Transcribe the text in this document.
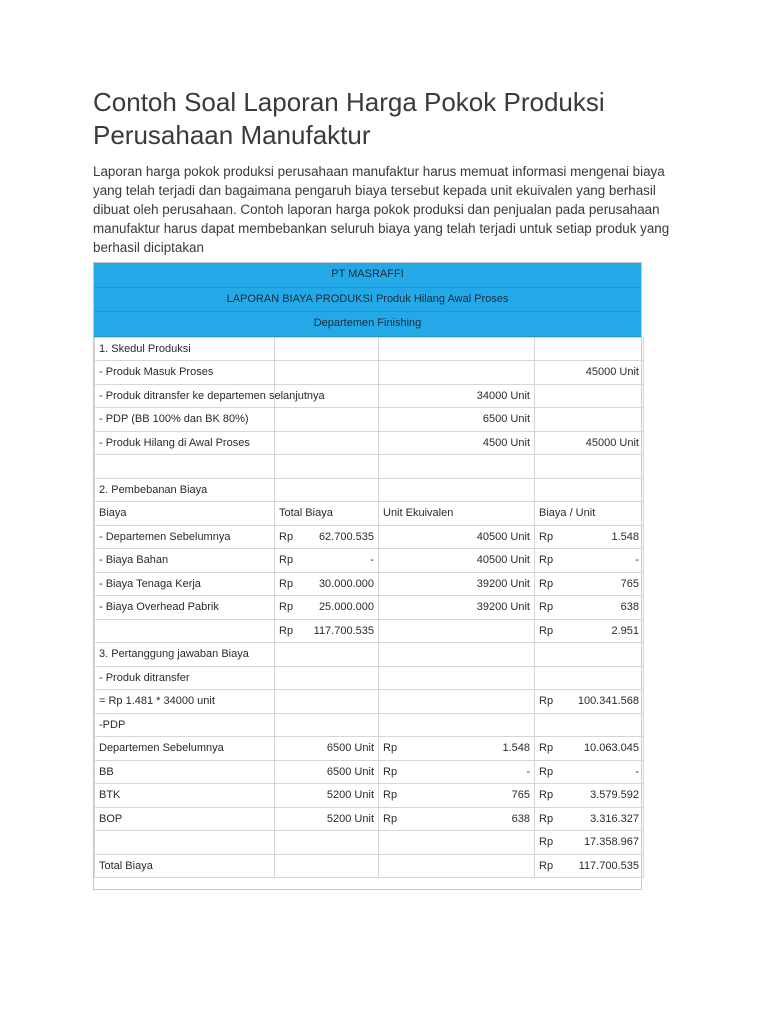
Contoh Soal Laporan Harga Pokok Produksi Perusahaan Manufaktur

Laporan harga pokok produksi perusahaan manufaktur harus memuat informasi mengenai biaya yang telah terjadi dan bagaimana pengaruh biaya tersebut kepada unit ekuivalen yang berhasil dibuat oleh perusahaan. Contoh laporan harga pokok produksi dan penjualan pada perusahaan manufaktur harus dapat membebankan seluruh biaya yang telah terjadi untuk setiap produk yang berhasil diciptakan

PT MASRAFFI
LAPORAN BIAYA PRODUKSI Produk Hilang Awal Proses
Departemen Finishing
1. Skedul Produksi			
- Produk Masuk Proses			45000 Unit
- Produk ditransfer ke departemen selanjutnya		34000 Unit	
- PDP (BB 100% dan BK 80%)		6500 Unit	
- Produk Hilang di Awal Proses		4500 Unit	45000 Unit

2. Pembebanan Biaya			
Biaya	Total Biaya	Unit Ekuivalen	Biaya / Unit
- Departemen Sebelumnya	Rp 62.700.535	40500 Unit	Rp 1.548

- Biaya Bahan	Rp -	40500 Unit	Rp -

- Biaya Tenaga Kerja	Rp 30.000.000	39200 Unit	Rp 765

- Biaya Overhead Pabrik	Rp 25.000.000	39200 Unit	Rp 638

	Rp 117.700.535		Rp 2.951

3. Pertanggung jawaban Biaya			
- Produk ditransfer			
= Rp 1.481 * 34000 unit			Rp 100.341.568

-PDP			
Departemen Sebelumnya	6500 Unit	Rp 1.548	Rp 10.063.045

BB	6500 Unit	Rp -	Rp -

BTK	5200 Unit	Rp 765	Rp 3.579.592

BOP	5200 Unit	Rp 638	Rp 3.316.327

			Rp 17.358.967

Total Biaya			Rp 117.700.535
